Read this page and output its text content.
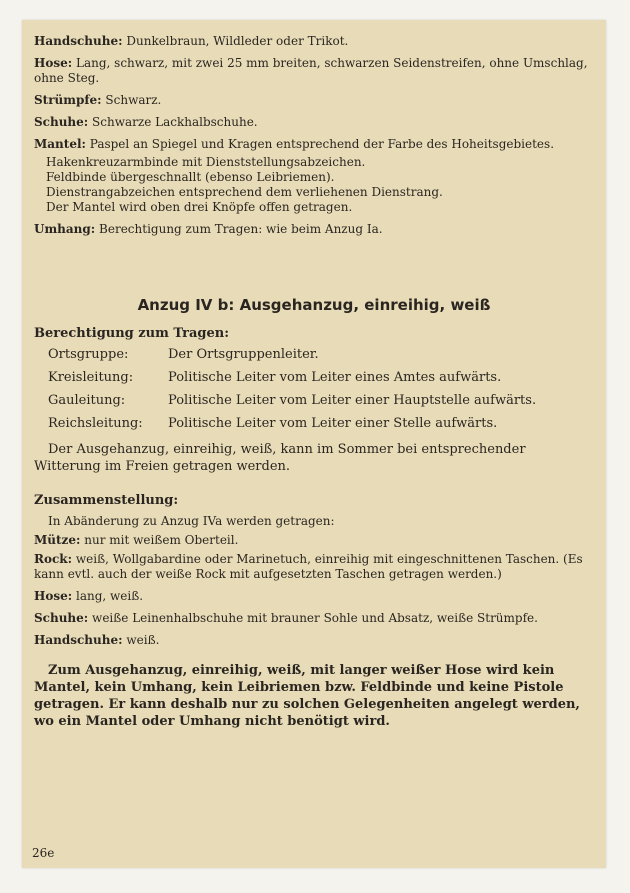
Handschuhe: Dunkelbraun, Wildleder oder Trikot.

Hose: Lang, schwarz, mit zwei 25 mm breiten, schwarzen Seidenstreifen, ohne Umschlag, ohne Steg.

Strümpfe: Schwarz.

Schuhe: Schwarze Lackhalbschuhe.

Mantel: Paspel an Spiegel und Kragen entsprechend der Farbe des Hoheitsgebietes.

Hakenkreuzarmbinde mit Dienststellungsabzeichen.

Feldbinde übergeschnallt (ebenso Leibriemen).

Dienstrangabzeichen entsprechend dem verliehenen Dienstrang.

Der Mantel wird oben drei Knöpfe offen getragen.

Umhang: Berechtigung zum Tragen: wie beim Anzug Ia.

Anzug IV b: Ausgehanzug, einreihig, weiß

Berechtigung zum Tragen:

Ortsgruppe:	Der Ortsgruppenleiter.
Kreisleitung:	Politische Leiter vom Leiter eines Amtes aufwärts.
Gauleitung:	Politische Leiter vom Leiter einer Hauptstelle aufwärts.
Reichsleitung:	Politische Leiter vom Leiter einer Stelle aufwärts.

Der Ausgehanzug, einreihig, weiß, kann im Sommer bei entsprechender Witterung im Freien getragen werden.

Zusammenstellung:

In Abänderung zu Anzug IVa werden getragen:

Mütze: nur mit weißem Oberteil.

Rock: weiß, Wollgabardine oder Marinetuch, einreihig mit eingeschnittenen Taschen. (Es kann evtl. auch der weiße Rock mit aufgesetzten Taschen getragen werden.)

Hose: lang, weiß.

Schuhe: weiße Leinenhalbschuhe mit brauner Sohle und Absatz, weiße Strümpfe.

Handschuhe: weiß.

Zum Ausgehanzug, einreihig, weiß, mit langer weißer Hose wird kein Mantel, kein Umhang, kein Leibriemen bzw. Feldbinde und keine Pistole getragen. Er kann deshalb nur zu solchen Gelegenheiten angelegt werden, wo ein Mantel oder Umhang nicht benötigt wird.

26e
